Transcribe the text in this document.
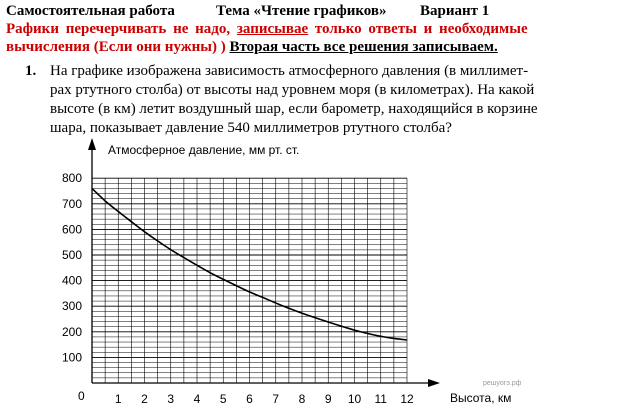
Самостоятельная работа	Тема «Чтение графиков» Вариант 1
Рафики перечерчивать не надо, записывае только ответы и необходимые
вычисления (Если они нужны) ) Вторая часть все решения записываем.
1. На графике изображена зависимость атмосферного давления (в миллимет-
рах ртутного столба) от высоты над уровнем моря (в километрах). На какой
высоте (в км) летит воздушный шар, если барометр, находящийся в корзине
шара, показывает давление 540 миллиметров ртутного столба?
100
200
300
400
500
600
700
800
1 2 3 4 5 6 7 8 9 10 11 12
Атмосферное давление, мм рт. ст.
Высота, км
0
решуогэ.рф
